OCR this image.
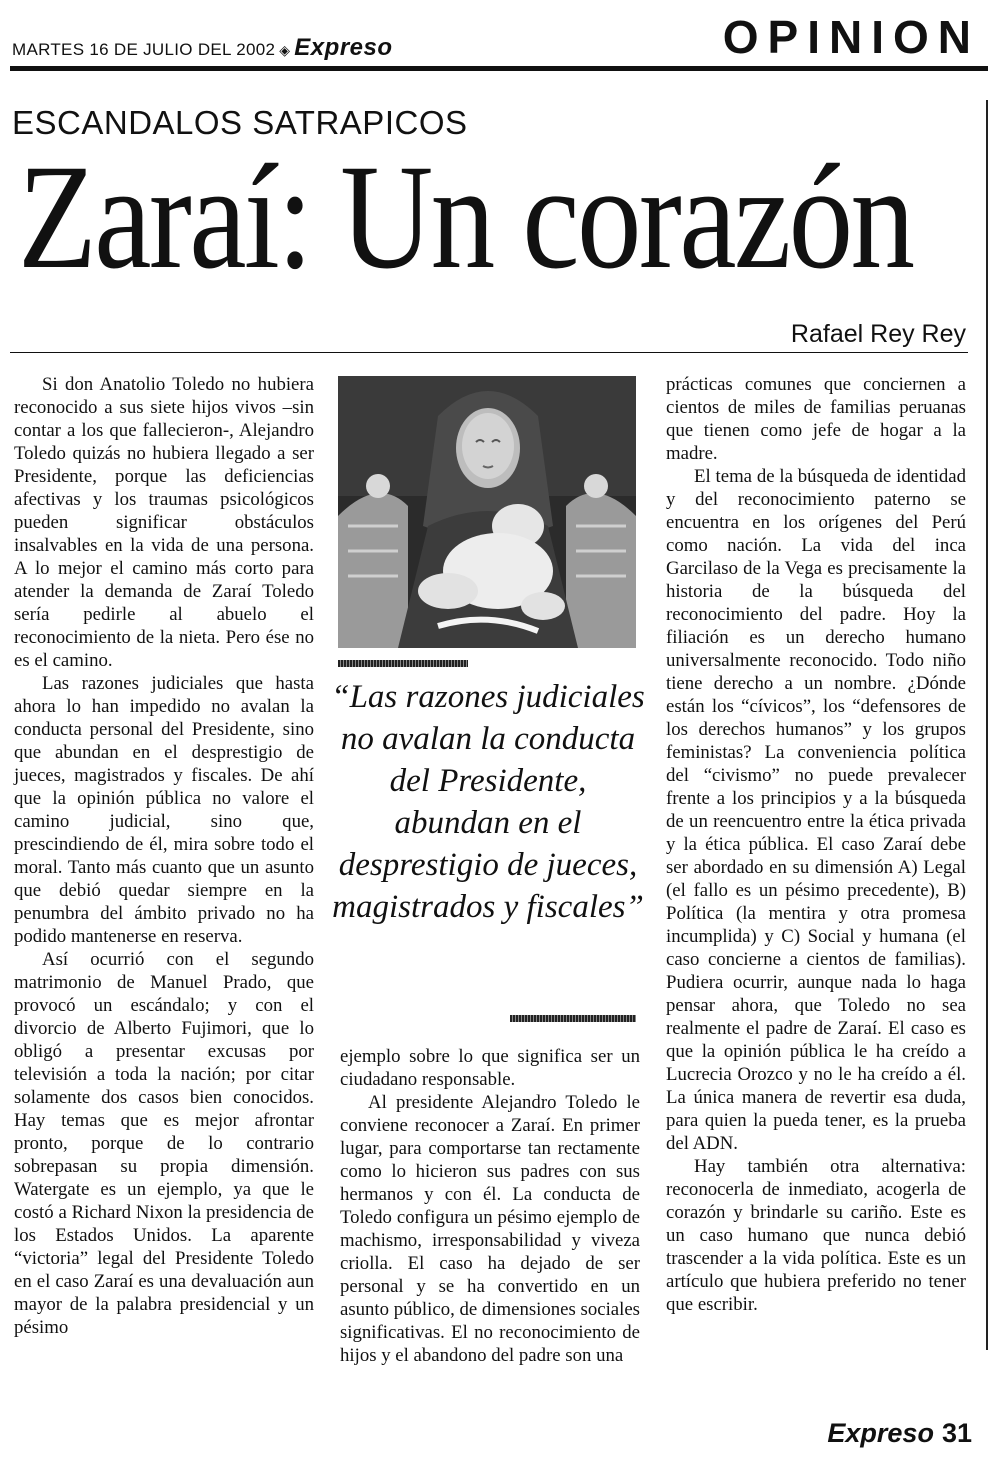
MARTES 16 DE JULIO DEL 2002 ◈ Expreso	OPINION
ESCANDALOS SATRAPICOS
Zaraí: Un corazón
Rafael Rey Rey

Si don Anatolio Toledo no hubiera reconocido a sus siete hijos vivos –sin contar a los que fallecieron-, Alejandro Toledo quizás no hubiera llegado a ser Presidente, porque las deficiencias afectivas y los traumas psicológicos pueden significar obstáculos insalvables en la vida de una persona. A lo mejor el camino más corto para atender la demanda de Zaraí Toledo sería pedirle al abuelo el reconocimiento de la nieta. Pero ése no es el camino.

Las razones judiciales que hasta ahora lo han impedido no avalan la conducta personal del Presidente, sino que abundan en el desprestigio de jueces, magistrados y fiscales. De ahí que la opinión pública no valore el camino judicial, sino que, prescindiendo de él, mira sobre todo el moral. Tanto más cuanto que un asunto que debió quedar siempre en la penumbra del ámbito privado no ha podido mantenerse en reserva.

Así ocurrió con el segundo matrimonio de Manuel Prado, que provocó un escándalo; y con el divorcio de Alberto Fujimori, que lo obligó a presentar excusas por televisión a toda la nación; por citar solamente dos casos bien conocidos. Hay temas que es mejor afrontar pronto, porque de lo contrario sobrepasan su propia dimensión. Watergate es un ejemplo, ya que le costó a Richard Nixon la presidencia de los Estados Unidos. La aparente “victoria” legal del Presidente Toledo en el caso Zaraí es una devaluación aun mayor de la palabra presidencial y un pésimo

“Las razones judiciales no avalan la conducta del Presidente, abundan en el desprestigio de jueces, magistrados y fiscales”

ejemplo sobre lo que significa ser un ciudadano responsable.

Al presidente Alejandro Toledo le conviene reconocer a Zaraí. En primer lugar, para comportarse tan rectamente como lo hicieron sus padres con sus hermanos y con él. La conducta de Toledo configura un pésimo ejemplo de machismo, irresponsabilidad y viveza criolla. El caso ha dejado de ser personal y se ha convertido en un asunto público, de dimensiones sociales significativas. El no reconocimiento de hijos y el abandono del padre son una

prácticas comunes que conciernen a cientos de miles de familias peruanas que tienen como jefe de hogar a la madre.

El tema de la búsqueda de identidad y del reconocimiento paterno se encuentra en los orígenes del Perú como nación. La vida del inca Garcilaso de la Vega es precisamente la historia de la búsqueda del reconocimiento del padre. Hoy la filiación es un derecho humano universalmente reconocido. Todo niño tiene derecho a un nombre. ¿Dónde están los “cívicos”, los “defensores de los derechos humanos” y los grupos feministas? La conveniencia política del “civismo” no puede prevalecer frente a los principios y a la búsqueda de un reencuentro entre la ética privada y la ética pública. El caso Zaraí debe ser abordado en su dimensión A) Legal (el fallo es un pésimo precedente), B) Política (la mentira y otra promesa incumplida) y C) Social y humana (el caso concierne a cientos de familias). Pudiera ocurrir, aunque nada lo haga pensar ahora, que Toledo no sea realmente el padre de Zaraí. El caso es que la opinión pública le ha creído a Lucrecia Orozco y no le ha creído a él. La única manera de revertir esa duda, para quien la pueda tener, es la prueba del ADN.

Hay también otra alternativa: reconocerla de inmediato, acogerla de corazón y brindarle su cariño. Este es un caso humano que nunca debió trascender a la vida política. Este es un artículo que hubiera preferido no tener que escribir.

Expreso 31
